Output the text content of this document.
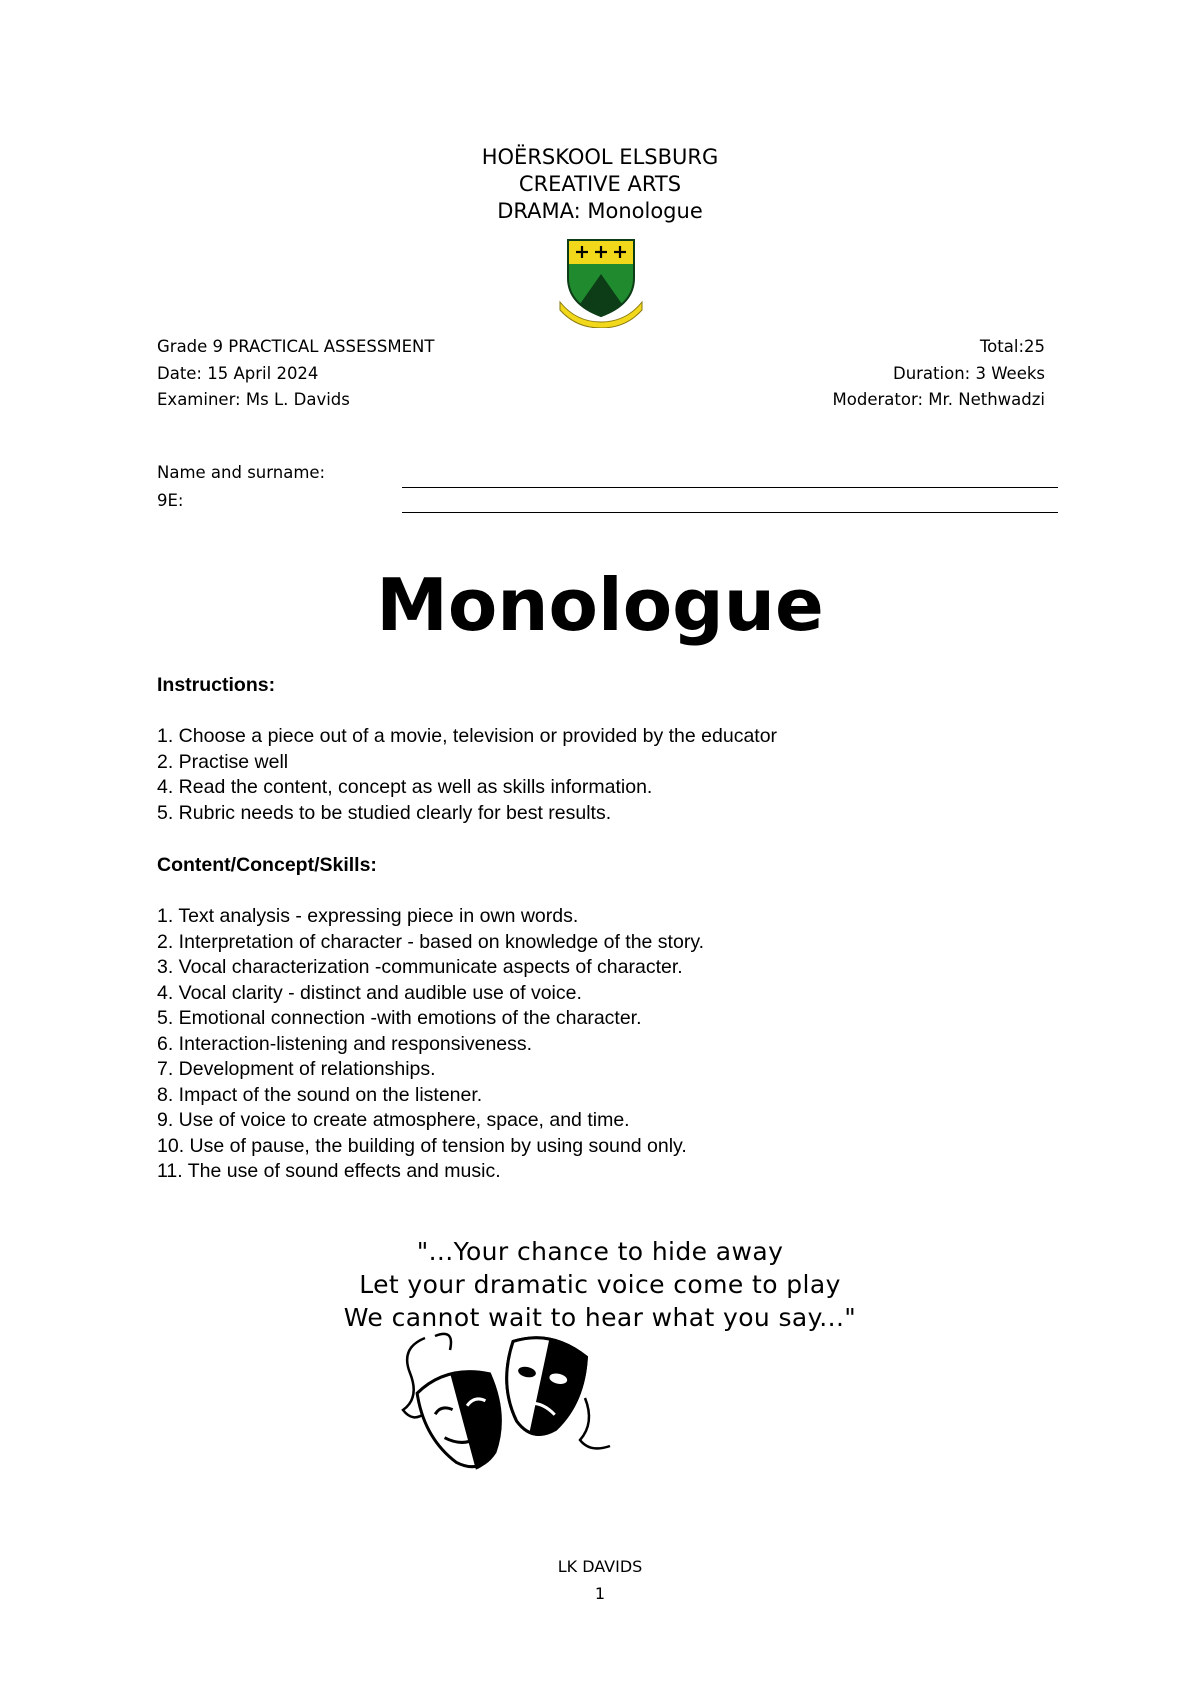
HOËRSKOOL ELSBURG
CREATIVE ARTS
DRAMA: Monologue
Grade 9 PRACTICAL ASSESSMENT	Total:25
Date: 15 April 2024	Duration: 3 Weeks
Examiner: Ms L. Davids	Moderator: Mr. Nethwadzi
Name and surname:
9E:
Monologue
Instructions:
1. Choose a piece out of a movie, television or provided by the educator
2. Practise well
4. Read the content, concept as well as skills information.
5. Rubric needs to be studied clearly for best results.
Content/Concept/Skills:
1. Text analysis - expressing piece in own words.
2. Interpretation of character - based on knowledge of the story.
3. Vocal characterization -communicate aspects of character.
4. Vocal clarity - distinct and audible use of voice.
5. Emotional connection -with emotions of the character.
6. Interaction-listening and responsiveness.
7. Development of relationships.
8. Impact of the sound on the listener.
9. Use of voice to create atmosphere, space, and time.
10. Use of pause, the building of tension by using sound only.
11. The use of sound effects and music.
"...Your chance to hide away
Let your dramatic voice come to play
We cannot wait to hear what you say..."
LK DAVIDS
1
